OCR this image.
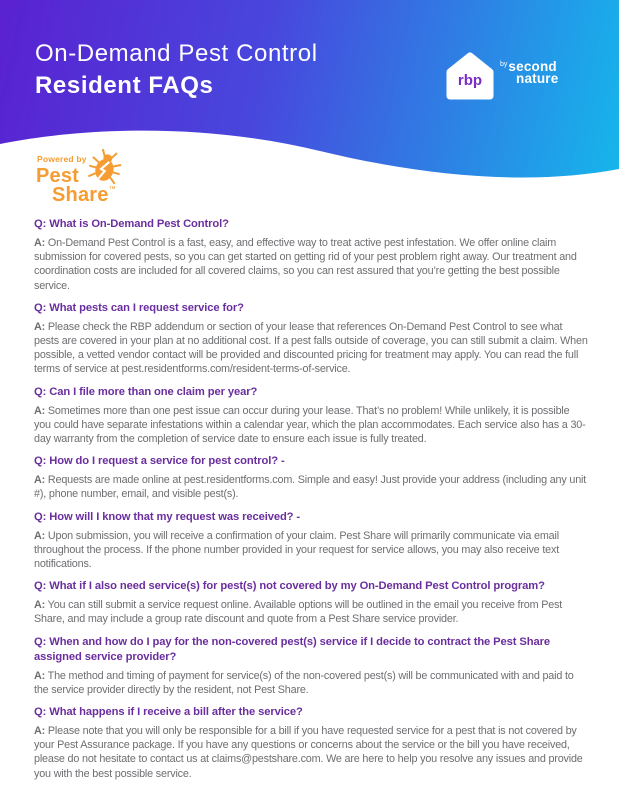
On-Demand Pest Control
Resident FAQs	rbp
$^{by}$second
nature
Powered by
Pest
Share™

Q: What is On-Demand Pest Control?

A: On-Demand Pest Control is a fast, easy, and effective way to treat active pest infestation. We offer online claim submission for covered pests, so you can get started on getting rid of your pest problem right away. Our treatment and coordination costs are included for all covered claims, so you can rest assured that you’re getting the best possible service.

Q: What pests can I request service for?

A: Please check the RBP addendum or section of your lease that references On-Demand Pest Control to see what pests are covered in your plan at no additional cost. If a pest falls outside of coverage, you can still submit a claim. When possible, a vetted vendor contact will be provided and discounted pricing for treatment may apply. You can read the full terms of service at pest.residentforms.com/resident-terms-of-service.

Q: Can I file more than one claim per year?

A: Sometimes more than one pest issue can occur during your lease. That’s no problem! While unlikely, it is possible you could have separate infestations within a calendar year, which the plan accommodates. Each service also has a 30-day warranty from the completion of service date to ensure each issue is fully treated.

Q: How do I request a service for pest control? -

A: Requests are made online at pest.residentforms.com. Simple and easy! Just provide your address (including any unit #), phone number, email, and visible pest(s).

Q: How will I know that my request was received? -

A: Upon submission, you will receive a confirmation of your claim. Pest Share will primarily communicate via email throughout the process. If the phone number provided in your request for service allows, you may also receive text notifications.

Q: What if I also need service(s) for pest(s) not covered by my On-Demand Pest Control program?

A: You can still submit a service request online. Available options will be outlined in the email you receive from Pest Share, and may include a group rate discount and quote from a Pest Share service provider.

Q: When and how do I pay for the non-covered pest(s) service if I decide to contract the Pest Share assigned service provider?

A: The method and timing of payment for service(s) of the non-covered pest(s) will be communicated with and paid to the service provider directly by the resident, not Pest Share.

Q: What happens if I receive a bill after the service?

A: Please note that you will only be responsible for a bill if you have requested service for a pest that is not covered by your Pest Assurance package. If you have any questions or concerns about the service or the bill you have received, please do not hesitate to contact us at claims@pestshare.com. We are here to help you resolve any issues and provide you with the best possible service.
